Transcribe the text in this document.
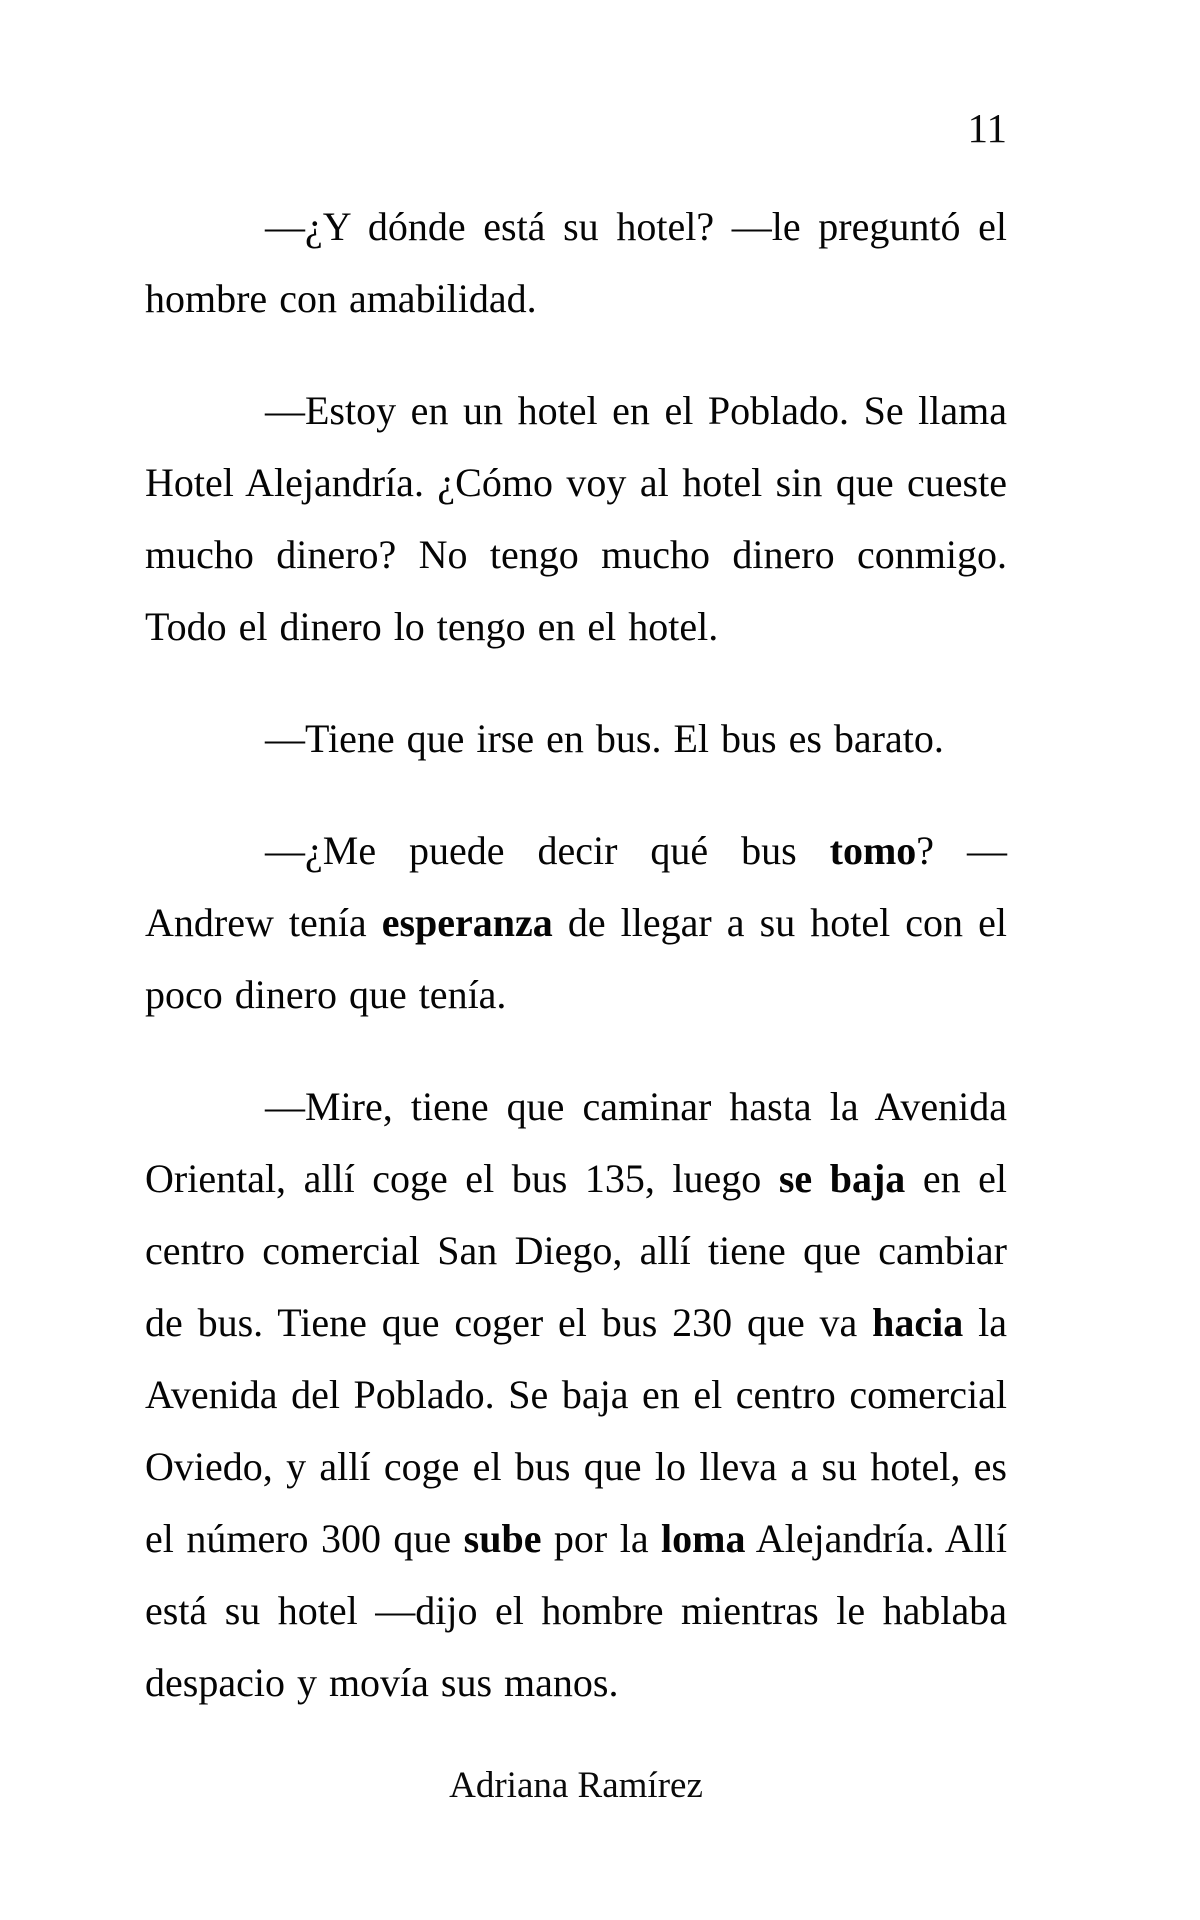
11

—¿Y dónde está su hotel? —le preguntó el hombre con amabilidad.

—Estoy en un hotel en el Poblado. Se llama Hotel Alejandría. ¿Cómo voy al hotel sin que cueste mucho dinero? No tengo mucho dinero conmigo. Todo el dinero lo tengo en el hotel.

—Tiene que irse en bus. El bus es barato.

—¿Me puede decir qué bus tomo? —Andrew tenía esperanza de llegar a su hotel con el poco dinero que tenía.

—Mire, tiene que caminar hasta la Avenida Oriental, allí coge el bus 135, luego se baja en el centro comercial San Diego, allí tiene que cambiar de bus. Tiene que coger el bus 230 que va hacia la Avenida del Poblado. Se baja en el centro comercial Oviedo, y allí coge el bus que lo lleva a su hotel, es el número 300 que sube por la loma Alejandría. Allí está su hotel —dijo el hombre mientras le hablaba despacio y movía sus manos.

Adriana Ramírez
